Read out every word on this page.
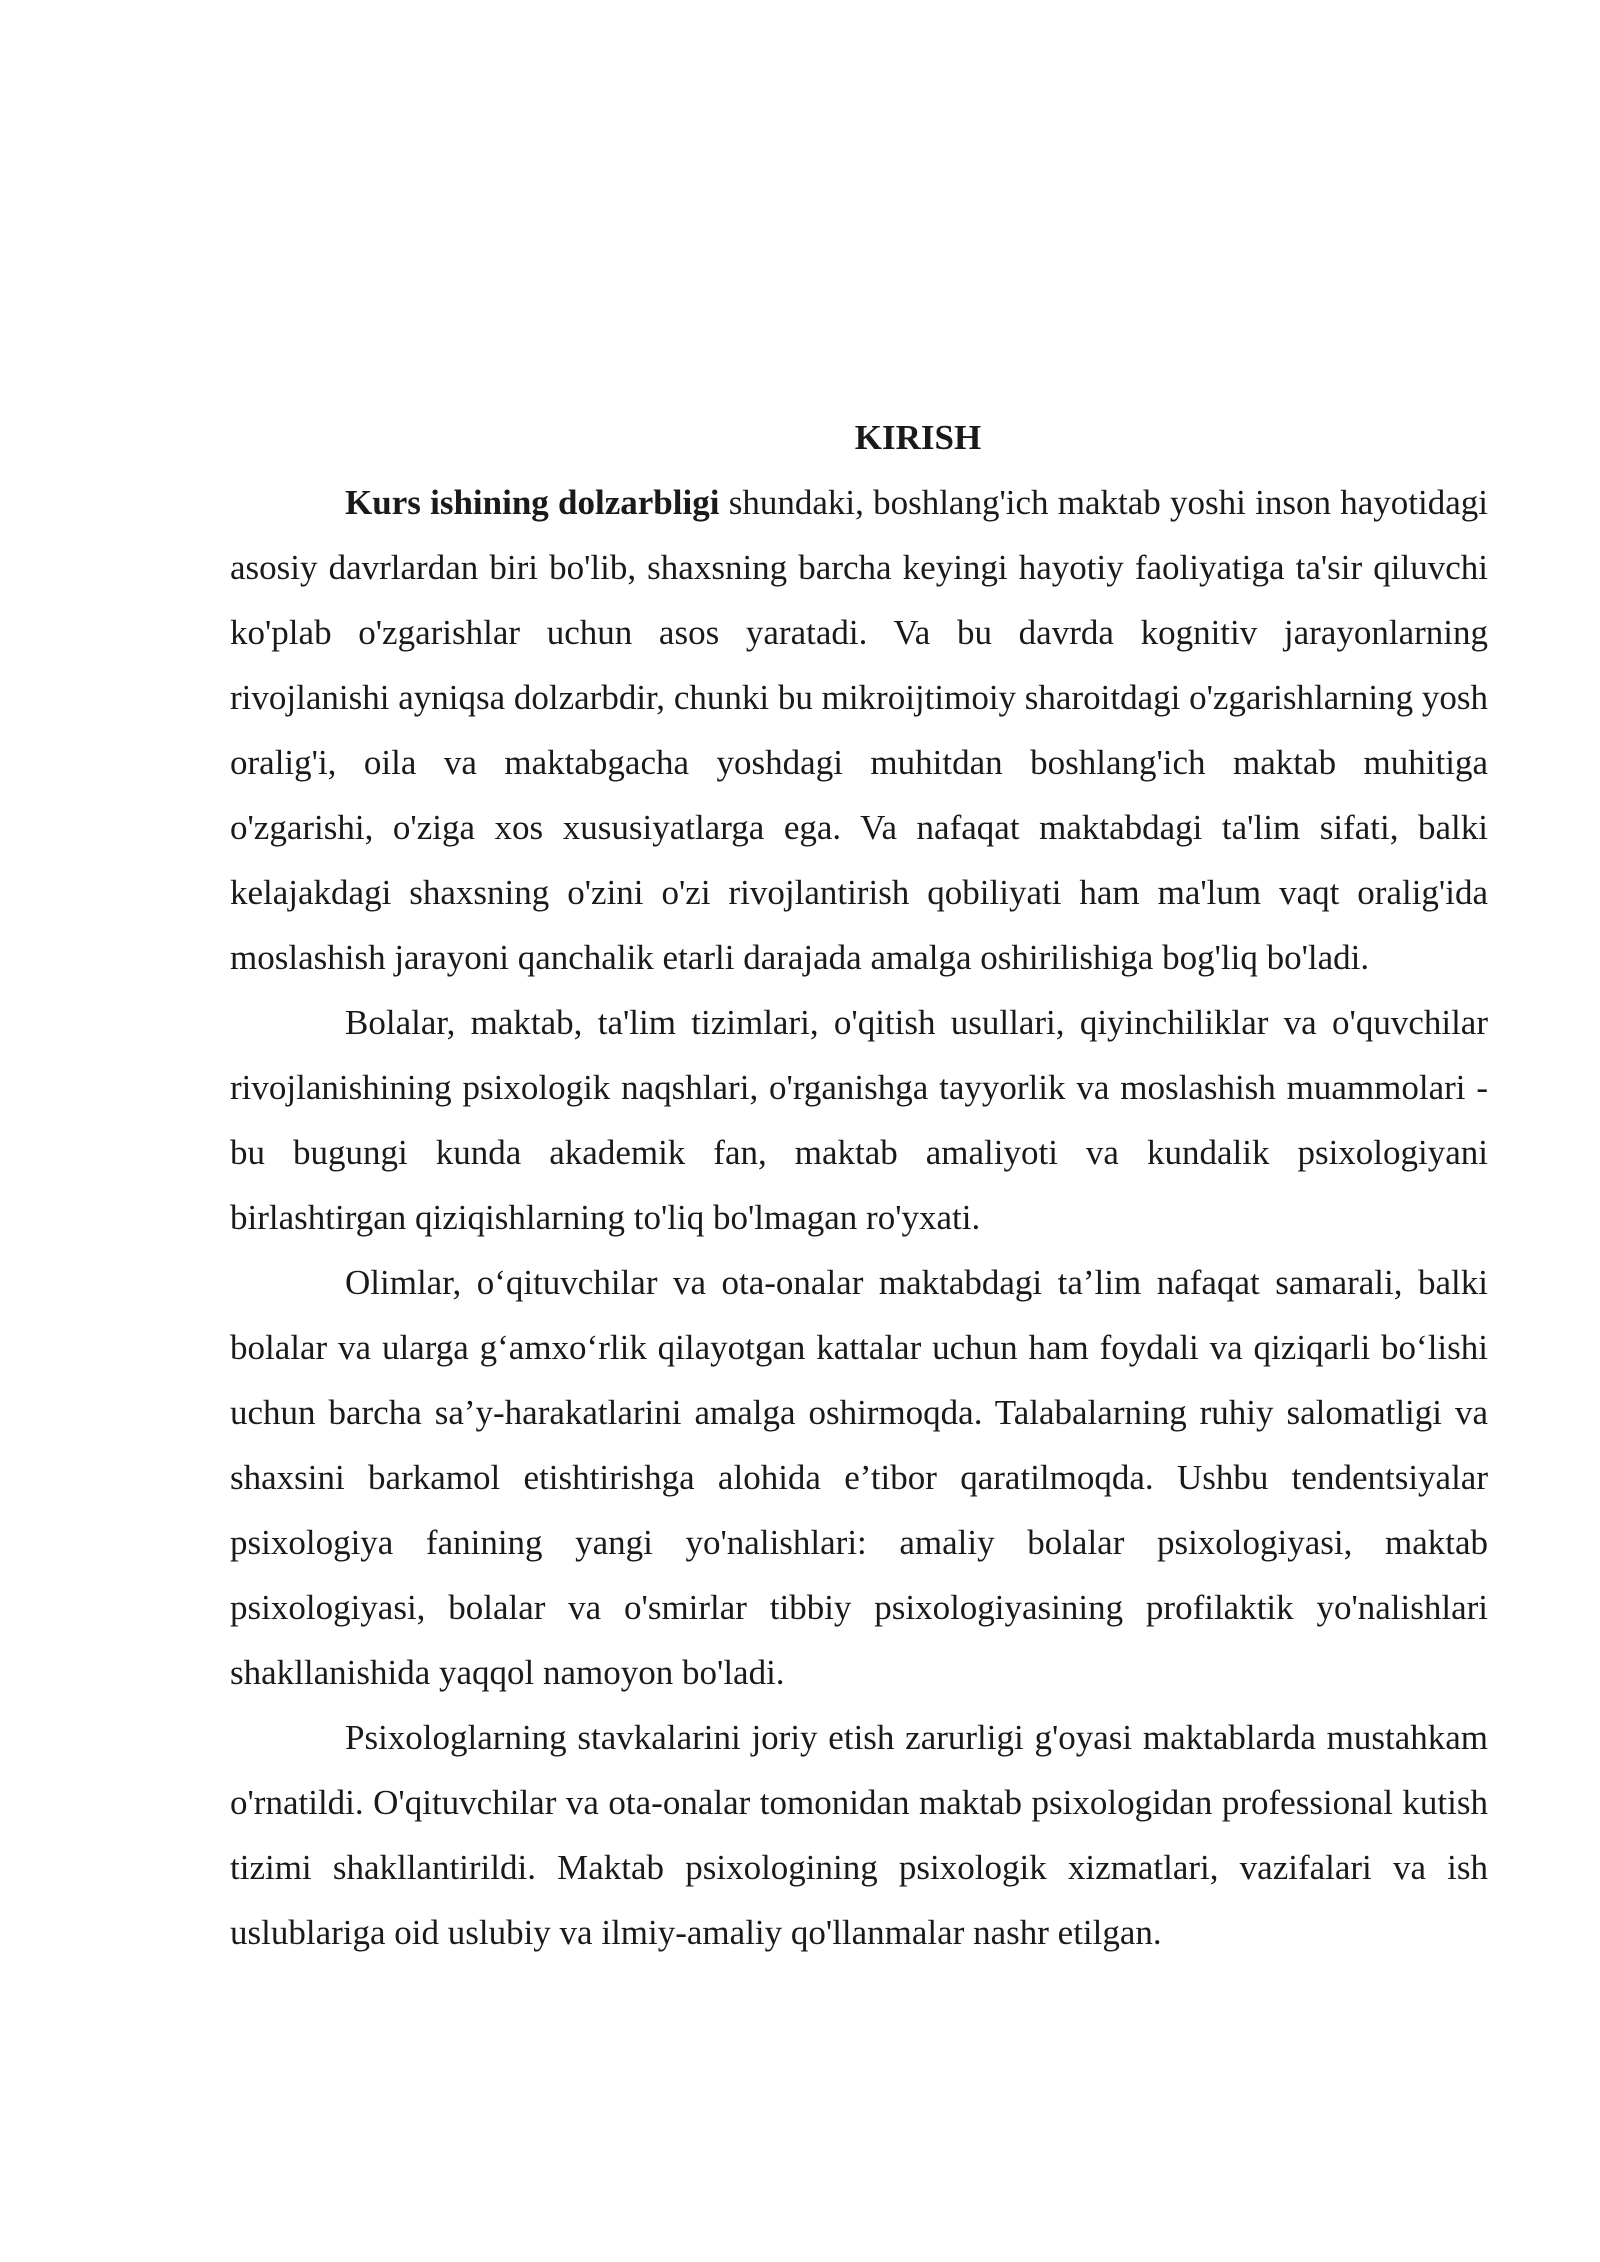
KIRISH

Kurs ishining dolzarbligi shundaki, boshlang'ich maktab yoshi inson hayotidagi asosiy davrlardan biri bo'lib, shaxsning barcha keyingi hayotiy faoliyatiga ta'sir qiluvchi ko'plab o'zgarishlar uchun asos yaratadi. Va bu davrda kognitiv jarayonlarning rivojlanishi ayniqsa dolzarbdir, chunki bu mikroijtimoiy sharoitdagi o'zgarishlarning yosh oralig'i, oila va maktabgacha yoshdagi muhitdan boshlang'ich maktab muhitiga o'zgarishi, o'ziga xos xususiyatlarga ega. Va nafaqat maktabdagi ta'lim sifati, balki kelajakdagi shaxsning o'zini o'zi rivojlantirish qobiliyati ham ma'lum vaqt oralig'ida moslashish jarayoni qanchalik etarli darajada amalga oshirilishiga bog'liq bo'ladi.

Bolalar, maktab, ta'lim tizimlari, o'qitish usullari, qiyinchiliklar va o'quvchilar rivojlanishining psixologik naqshlari, o'rganishga tayyorlik va moslashish muammolari - bu bugungi kunda akademik fan, maktab amaliyoti va kundalik psixologiyani birlashtirgan qiziqishlarning to'liq bo'lmagan ro'yxati.

Olimlar, o‘qituvchilar va ota-onalar maktabdagi ta’lim nafaqat samarali, balki bolalar va ularga g‘amxo‘rlik qilayotgan kattalar uchun ham foydali va qiziqarli bo‘lishi uchun barcha sa’y-harakatlarini amalga oshirmoqda. Talabalarning ruhiy salomatligi va shaxsini barkamol etishtirishga alohida e’tibor qaratilmoqda. Ushbu tendentsiyalar psixologiya fanining yangi yo'nalishlari: amaliy bolalar psixologiyasi, maktab psixologiyasi, bolalar va o'smirlar tibbiy psixologiyasining profilaktik yo'nalishlari shakllanishida yaqqol namoyon bo'ladi.

Psixologlarning stavkalarini joriy etish zarurligi g'oyasi maktablarda mustahkam o'rnatildi. O'qituvchilar va ota-onalar tomonidan maktab psixologidan professional kutish tizimi shakllantirildi. Maktab psixologining psixologik xizmatlari, vazifalari va ish uslublariga oid uslubiy va ilmiy-amaliy qo'llanmalar nashr etilgan.
